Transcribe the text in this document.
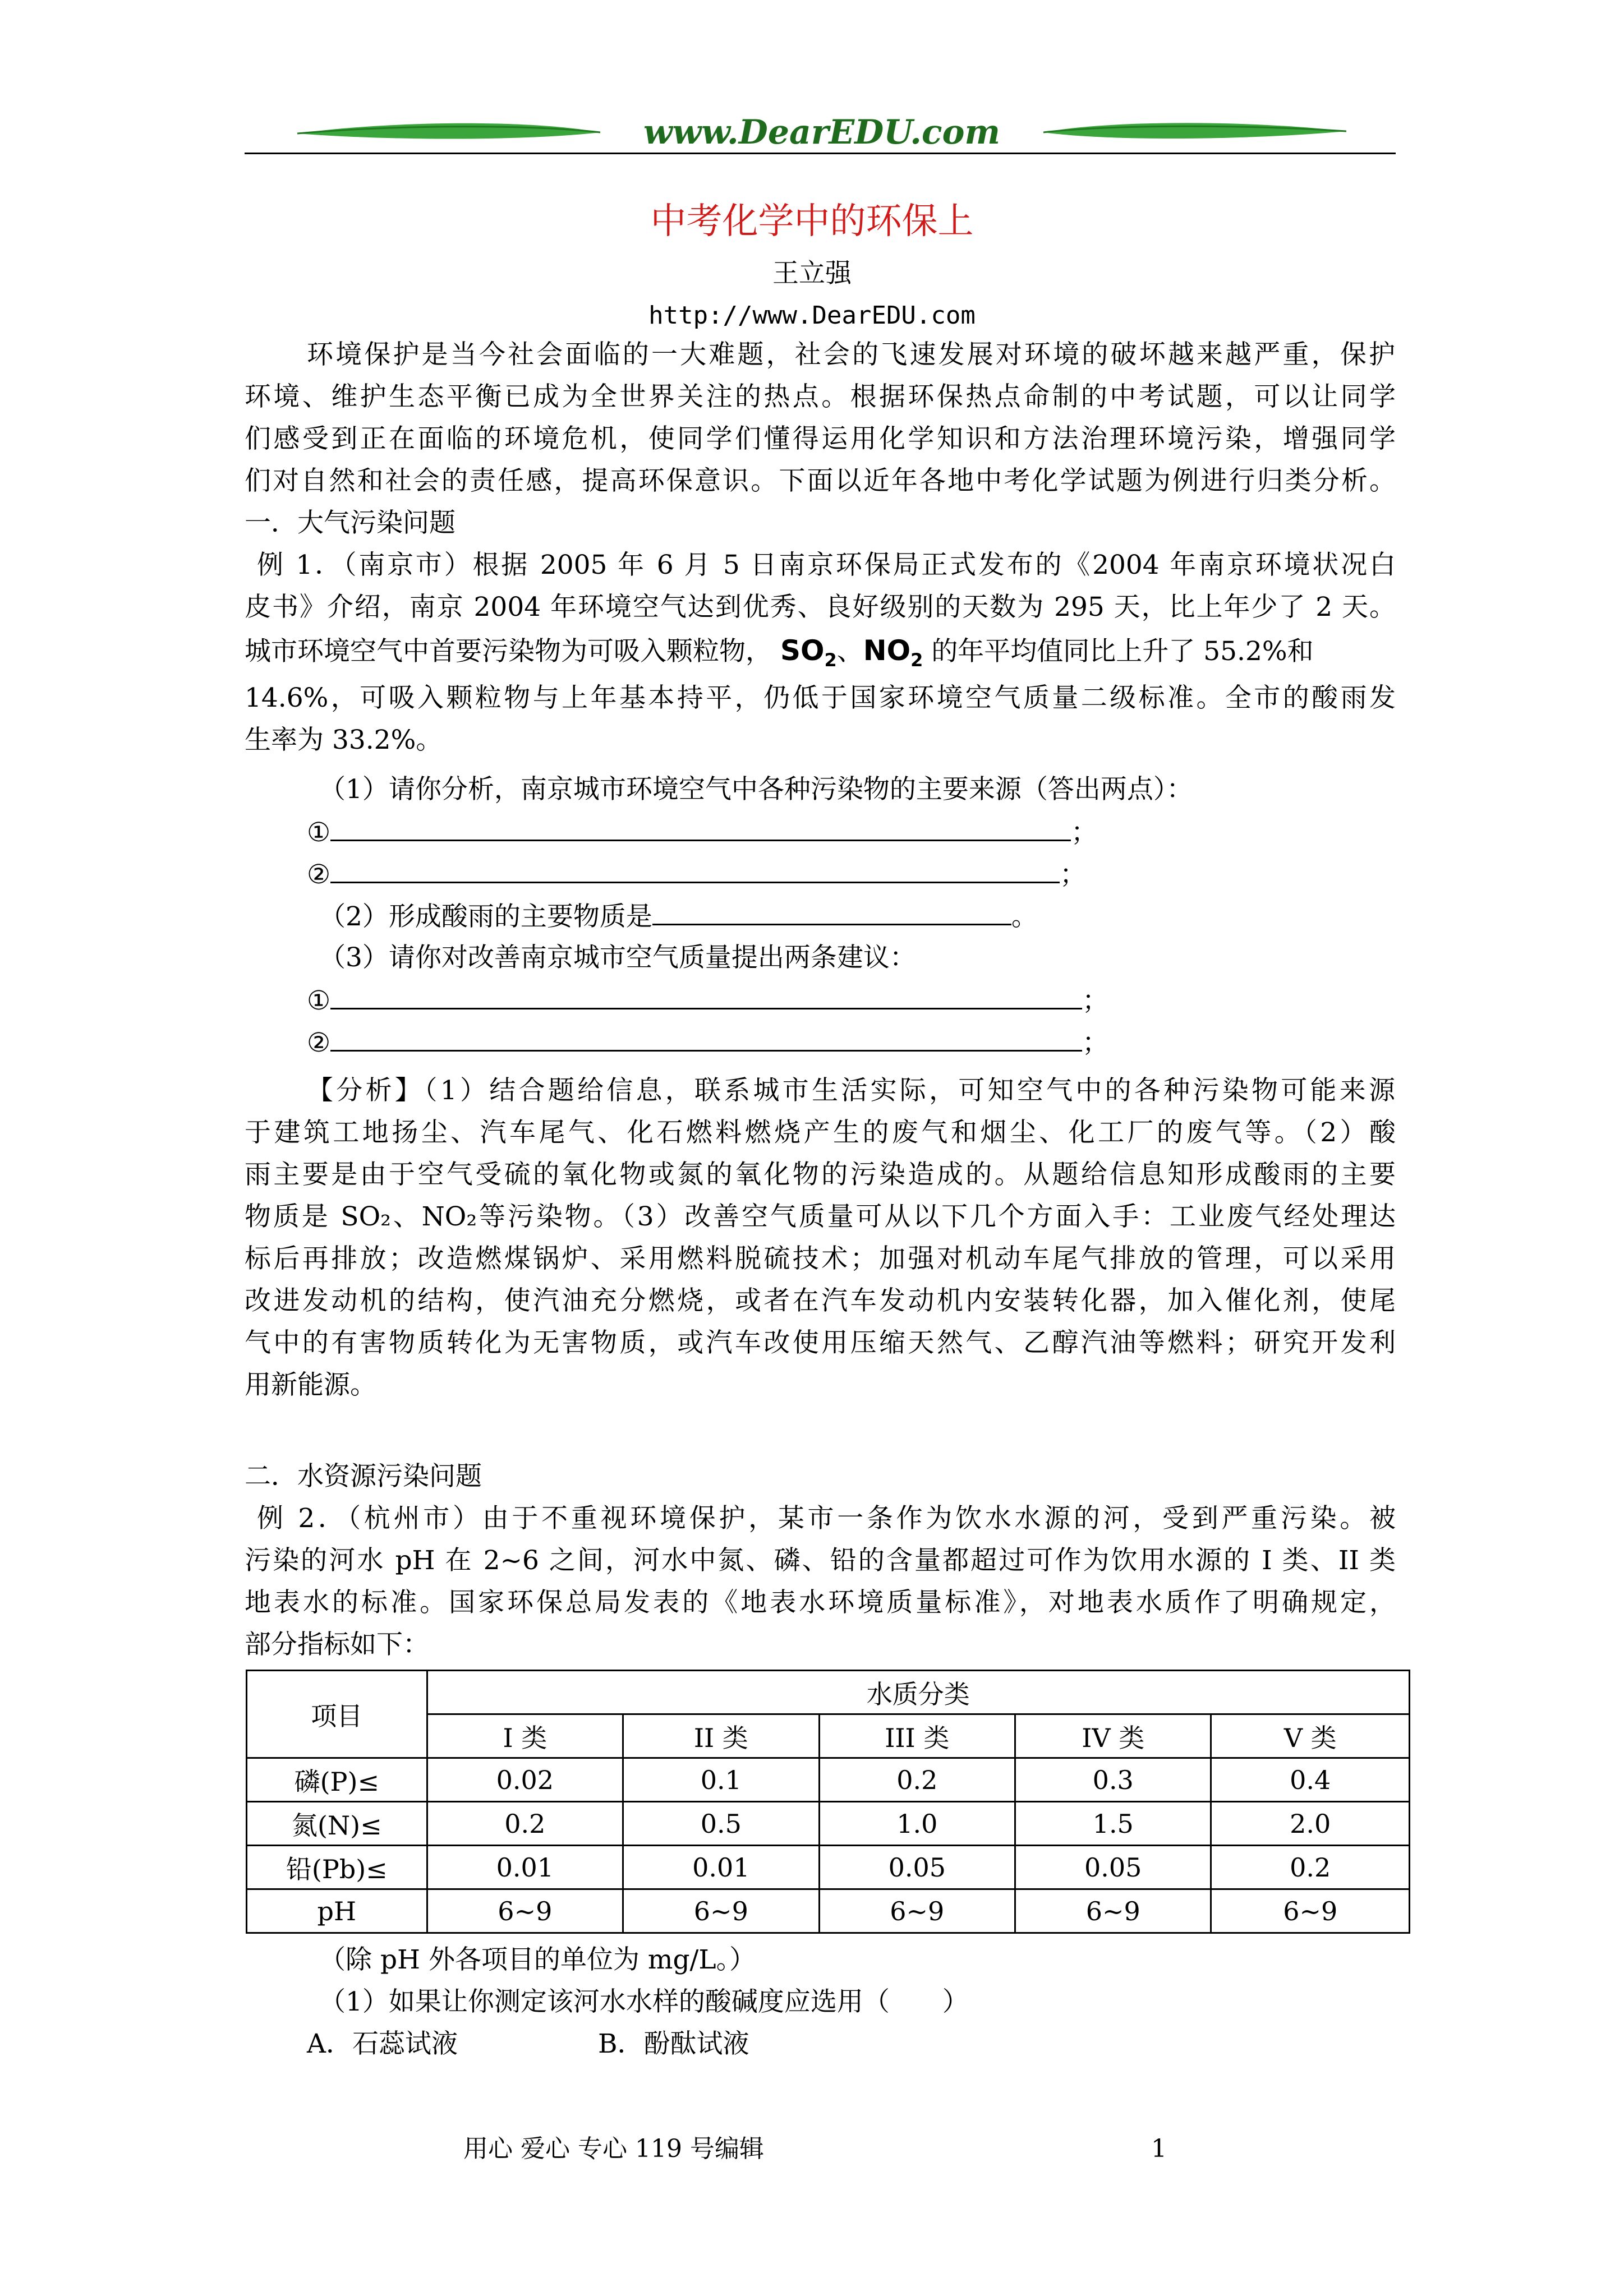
www.DearEDU.com
中考化学中的环保上
王立强
http://www.DearEDU.com
环境保护是当今社会面临的一大难题，社会的飞速发展对环境的破坏越来越严重，保护
环境、维护生态平衡已成为全世界关注的热点。根据环保热点命制的中考试题，可以让同学
们感受到正在面临的环境危机，使同学们懂得运用化学知识和方法治理环境污染，增强同学
们对自然和社会的责任感，提高环保意识。下面以近年各地中考化学试题为例进行归类分析。
一．大气污染问题
例 1．（南京市）根据 2005 年 6 月 5 日南京环保局正式发布的《2004 年南京环境状况白
皮书》介绍，南京 2004 年环境空气达到优秀、良好级别的天数为 295 天，比上年少了 2 天。
城市环境空气中首要污染物为可吸入颗粒物， $SO_2$、$NO_2$ 的年平均值同比上升了 55.2%和
14.6%，可吸入颗粒物与上年基本持平，仍低于国家环境空气质量二级标准。全市的酸雨发
生率为 33.2%。
（1）请你分析，南京城市环境空气中各种污染物的主要来源（答出两点）：
①	；
②	；
（2）形成酸雨的主要物质是	。
（3）请你对改善南京城市空气质量提出两条建议：
①	；
②	；
【分析】（1）结合题给信息，联系城市生活实际，可知空气中的各种污染物可能来源
于建筑工地扬尘、汽车尾气、化石燃料燃烧产生的废气和烟尘、化工厂的废气等。（2）酸
雨主要是由于空气受硫的氧化物或氮的氧化物的污染造成的。从题给信息知形成酸雨的主要
物质是 SO₂、NO₂等污染物。（3）改善空气质量可从以下几个方面入手：工业废气经处理达
标后再排放；改造燃煤锅炉、采用燃料脱硫技术；加强对机动车尾气排放的管理，可以采用
改进发动机的结构，使汽油充分燃烧，或者在汽车发动机内安装转化器，加入催化剂，使尾
气中的有害物质转化为无害物质，或汽车改使用压缩天然气、乙醇汽油等燃料；研究开发利
用新能源。
二．水资源污染问题
例 2．（杭州市）由于不重视环境保护，某市一条作为饮水水源的河，受到严重污染。被
污染的河水 pH 在 2~6 之间，河水中氮、磷、铅的含量都超过可作为饮用水源的 I 类、II 类
地表水的标准。国家环保总局发表的《地表水环境质量标准》，对地表水质作了明确规定，
部分指标如下：
项目	水质分类				
	I 类	II 类	III 类	IV 类	V 类
磷(P)≤	0.02	0.1	0.2	0.3	0.4
氮(N)≤	0.2	0.5	1.0	1.5	2.0
铅(Pb)≤	0.01	0.01	0.05	0.05	0.2
pH	6~9	6~9	6~9	6~9	6~9
（除 pH 外各项目的单位为 mg/L。）
（1）如果让你测定该河水水样的酸碱度应选用（　　）
A．石蕊试液	B．酚酞试液
用心 爱心 专心 119 号编辑	1
